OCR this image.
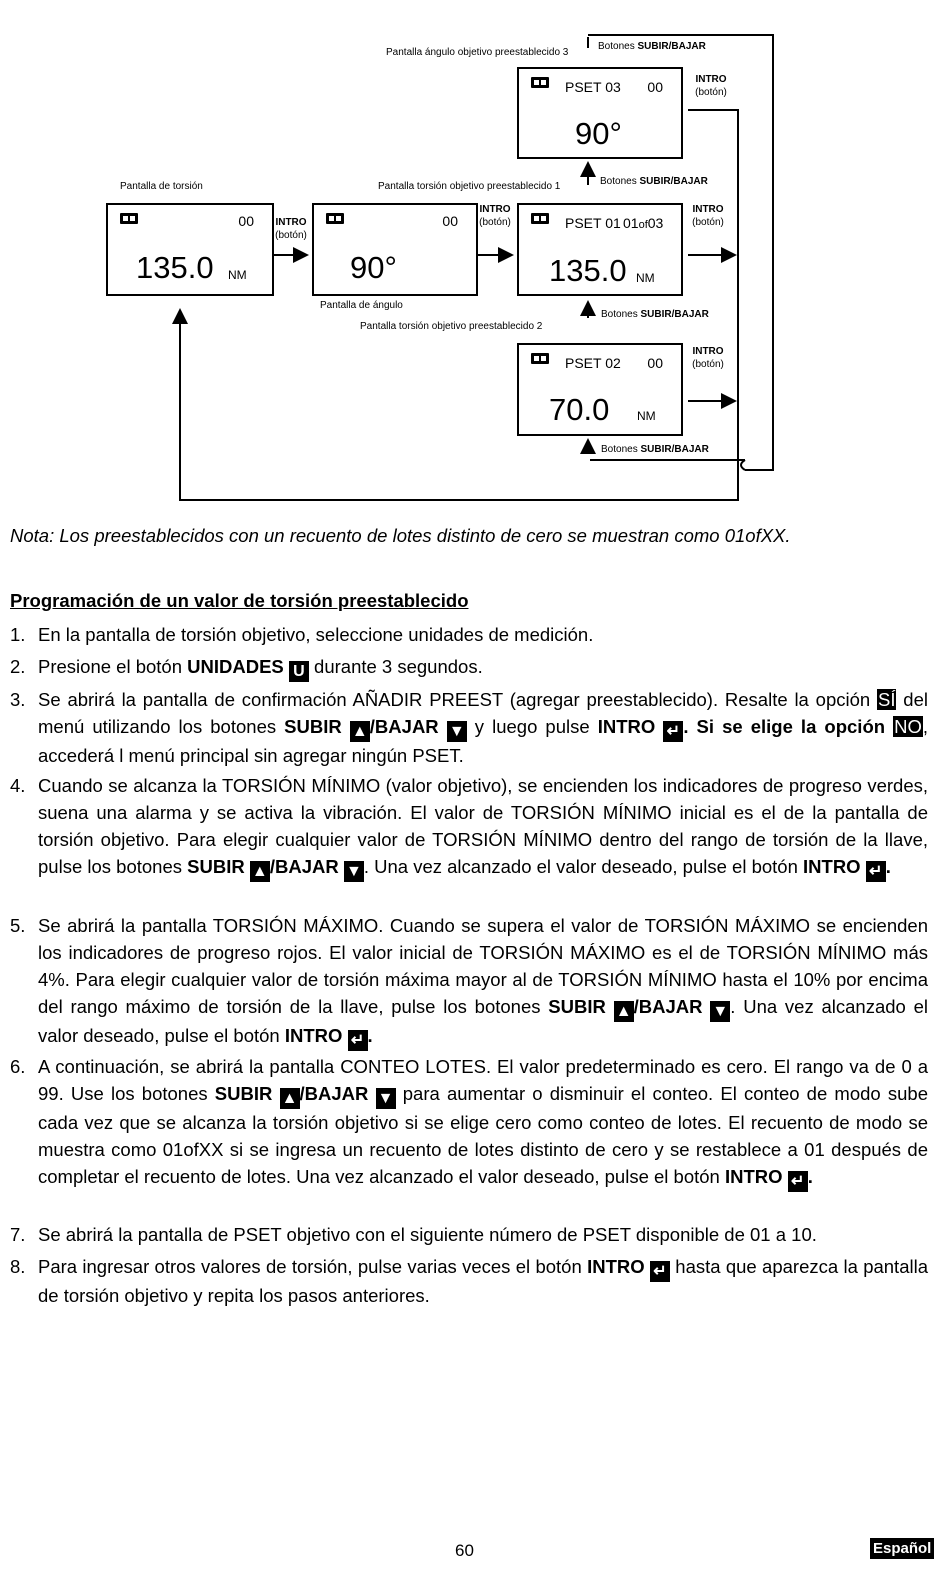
Pantalla ángulo objetivo preestablecido 3
Pantalla de torsión	Pantalla torsión objetivo preestablecido 1
Pantalla de ángulo
Pantalla torsión objetivo preestablecido 2
Botones SUBIR/BAJAR
Botones SUBIR/BAJAR
Botones SUBIR/BAJAR
Botones SUBIR/BAJAR
INTRO
(botón)
INTRO
(botón)
INTRO
(botón)
INTRO
(botón)
INTRO
(botón)
00
135.0 NM
00
90°
PSET 01 01of03
135.0 NM
PSET 02 00
70.0 NM
PSET 03 00
90°
Nota: Los preestablecidos con un recuento de lotes distinto de cero se muestran como 01ofXX.
Programación de un valor de torsión preestablecido
1. En la pantalla de torsión objetivo, seleccione unidades de medición.
2. Presione el botón UNIDADES U durante 3 segundos.
3. Se abrirá la pantalla de confirmación AÑADIR PREEST (agregar preestablecido). Resalte la opción SÍ del menú utilizando los botones SUBIR ▲ /BAJAR ▼ y luego pulse INTRO ↵ . Si se elige la opción NO, accederá l menú principal sin agregar ningún PSET.
4. Cuando se alcanza la TORSIÓN MÍNIMO (valor objetivo), se encienden los indicadores de progreso verdes, suena una alarma y se activa la vibración. El valor de TORSIÓN MÍNIMO inicial es el de la pantalla de torsión objetivo. Para elegir cualquier valor de TORSIÓN MÍNIMO dentro del rango de torsión de la llave, pulse los botones SUBIR ▲ /BAJAR ▼ . Una vez alcanzado el valor deseado, pulse el botón INTRO ↵ .
5. Se abrirá la pantalla TORSIÓN MÁXIMO. Cuando se supera el valor de TORSIÓN MÁXIMO se encienden los indicadores de progreso rojos. El valor inicial de TORSIÓN MÁXIMO es el de TORSIÓN MÍNIMO más 4%. Para elegir cualquier valor de torsión máxima mayor al de TORSIÓN MÍNIMO hasta el 10% por encima del rango máximo de torsión de la llave, pulse los botones SUBIR ▲ /BAJAR ▼ . Una vez alcanzado el valor deseado, pulse el botón INTRO ↵ .
6. A continuación, se abrirá la pantalla CONTEO LOTES. El valor predeterminado es cero. El rango va de 0 a 99. Use los botones SUBIR ▲ /BAJAR ▼ para aumentar o disminuir el conteo. El conteo de modo sube cada vez que se alcanza la torsión objetivo si se elige cero como conteo de lotes. El recuento de modo se muestra como 01ofXX si se ingresa un recuento de lotes distinto de cero y se restablece a 01 después de completar el recuento de lotes. Una vez alcanzado el valor deseado, pulse el botón INTRO ↵ .
7. Se abrirá la pantalla de PSET objetivo con el siguiente número de PSET disponible de 01 a 10.
8. Para ingresar otros valores de torsión, pulse varias veces el botón INTRO ↵ hasta que aparezca la pantalla de torsión objetivo y repita los pasos anteriores.
60	Español
